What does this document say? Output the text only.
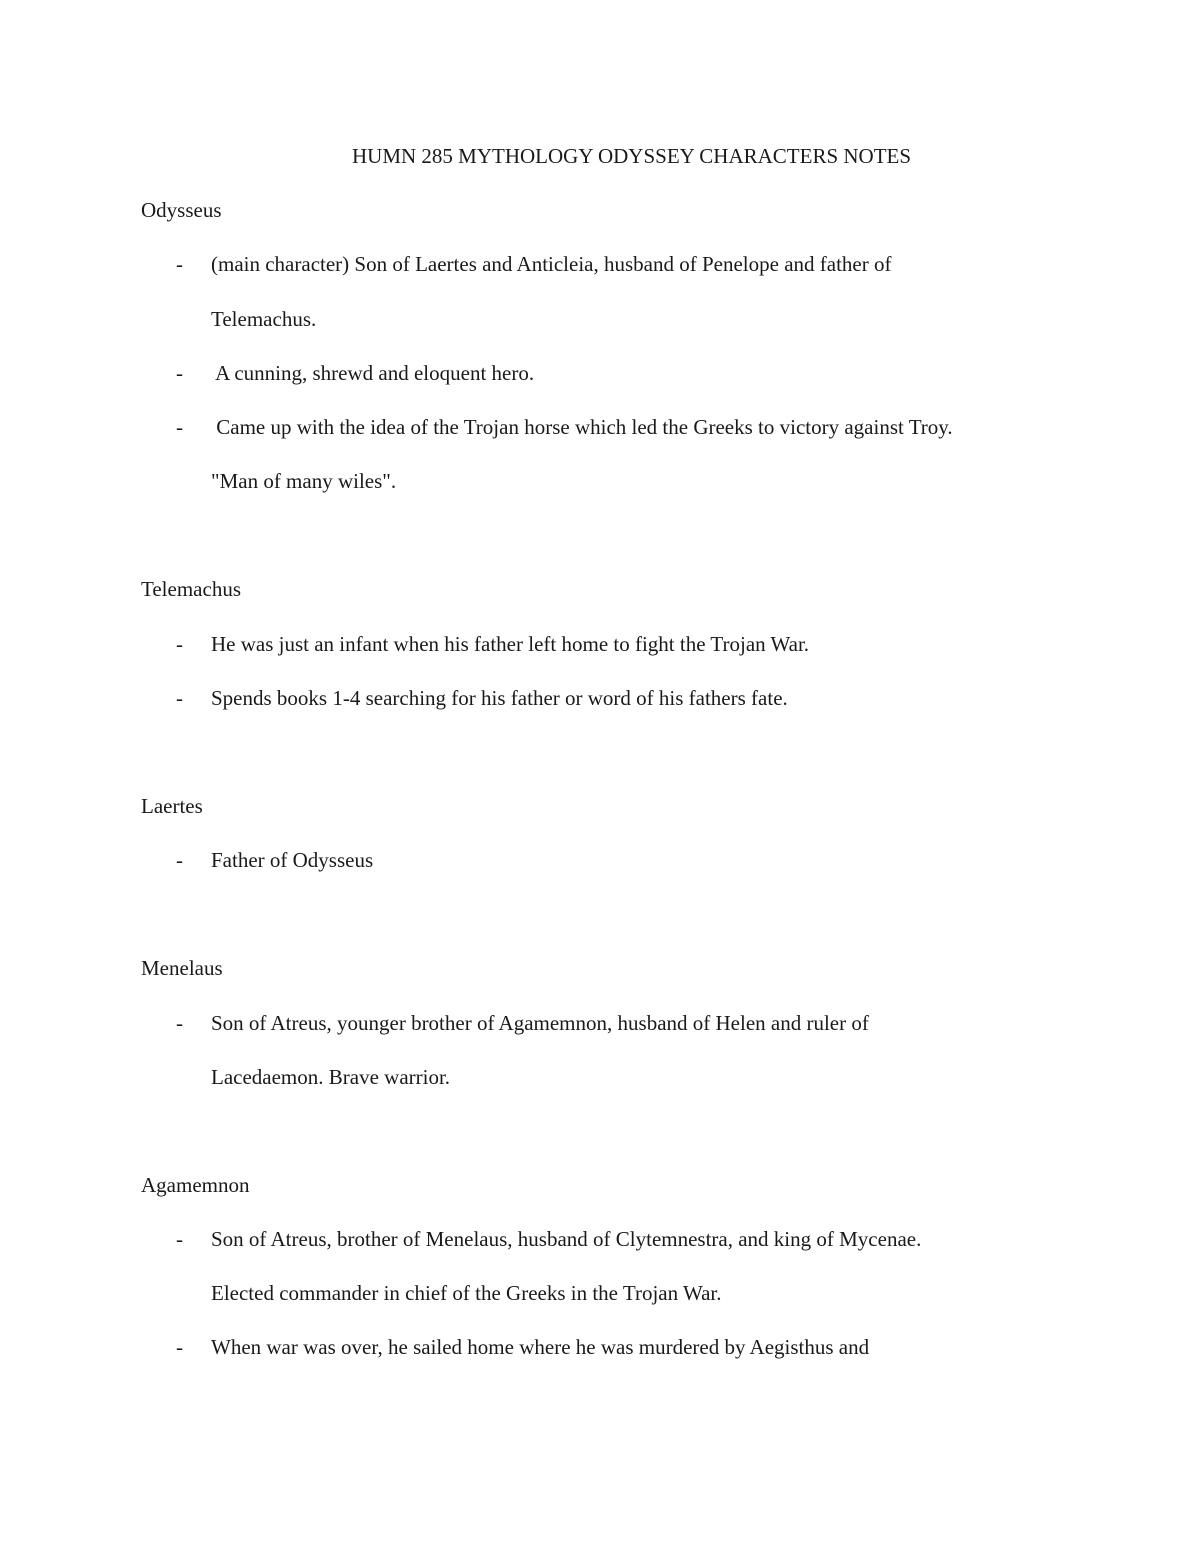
HUMN 285 MYTHOLOGY ODYSSEY CHARACTERS NOTES
Odysseus
- (main character) Son of Laertes and Anticleia, husband of Penelope and father of
Telemachus.
- A cunning, shrewd and eloquent hero.
- Came up with the idea of the Trojan horse which led the Greeks to victory against Troy.
"Man of many wiles".
Telemachus
- He was just an infant when his father left home to fight the Trojan War.
- Spends books 1-4 searching for his father or word of his fathers fate.
Laertes
- Father of Odysseus
Menelaus
- Son of Atreus, younger brother of Agamemnon, husband of Helen and ruler of
Lacedaemon. Brave warrior.
Agamemnon
- Son of Atreus, brother of Menelaus, husband of Clytemnestra, and king of Mycenae.
Elected commander in chief of the Greeks in the Trojan War.
- When war was over, he sailed home where he was murdered by Aegisthus and
